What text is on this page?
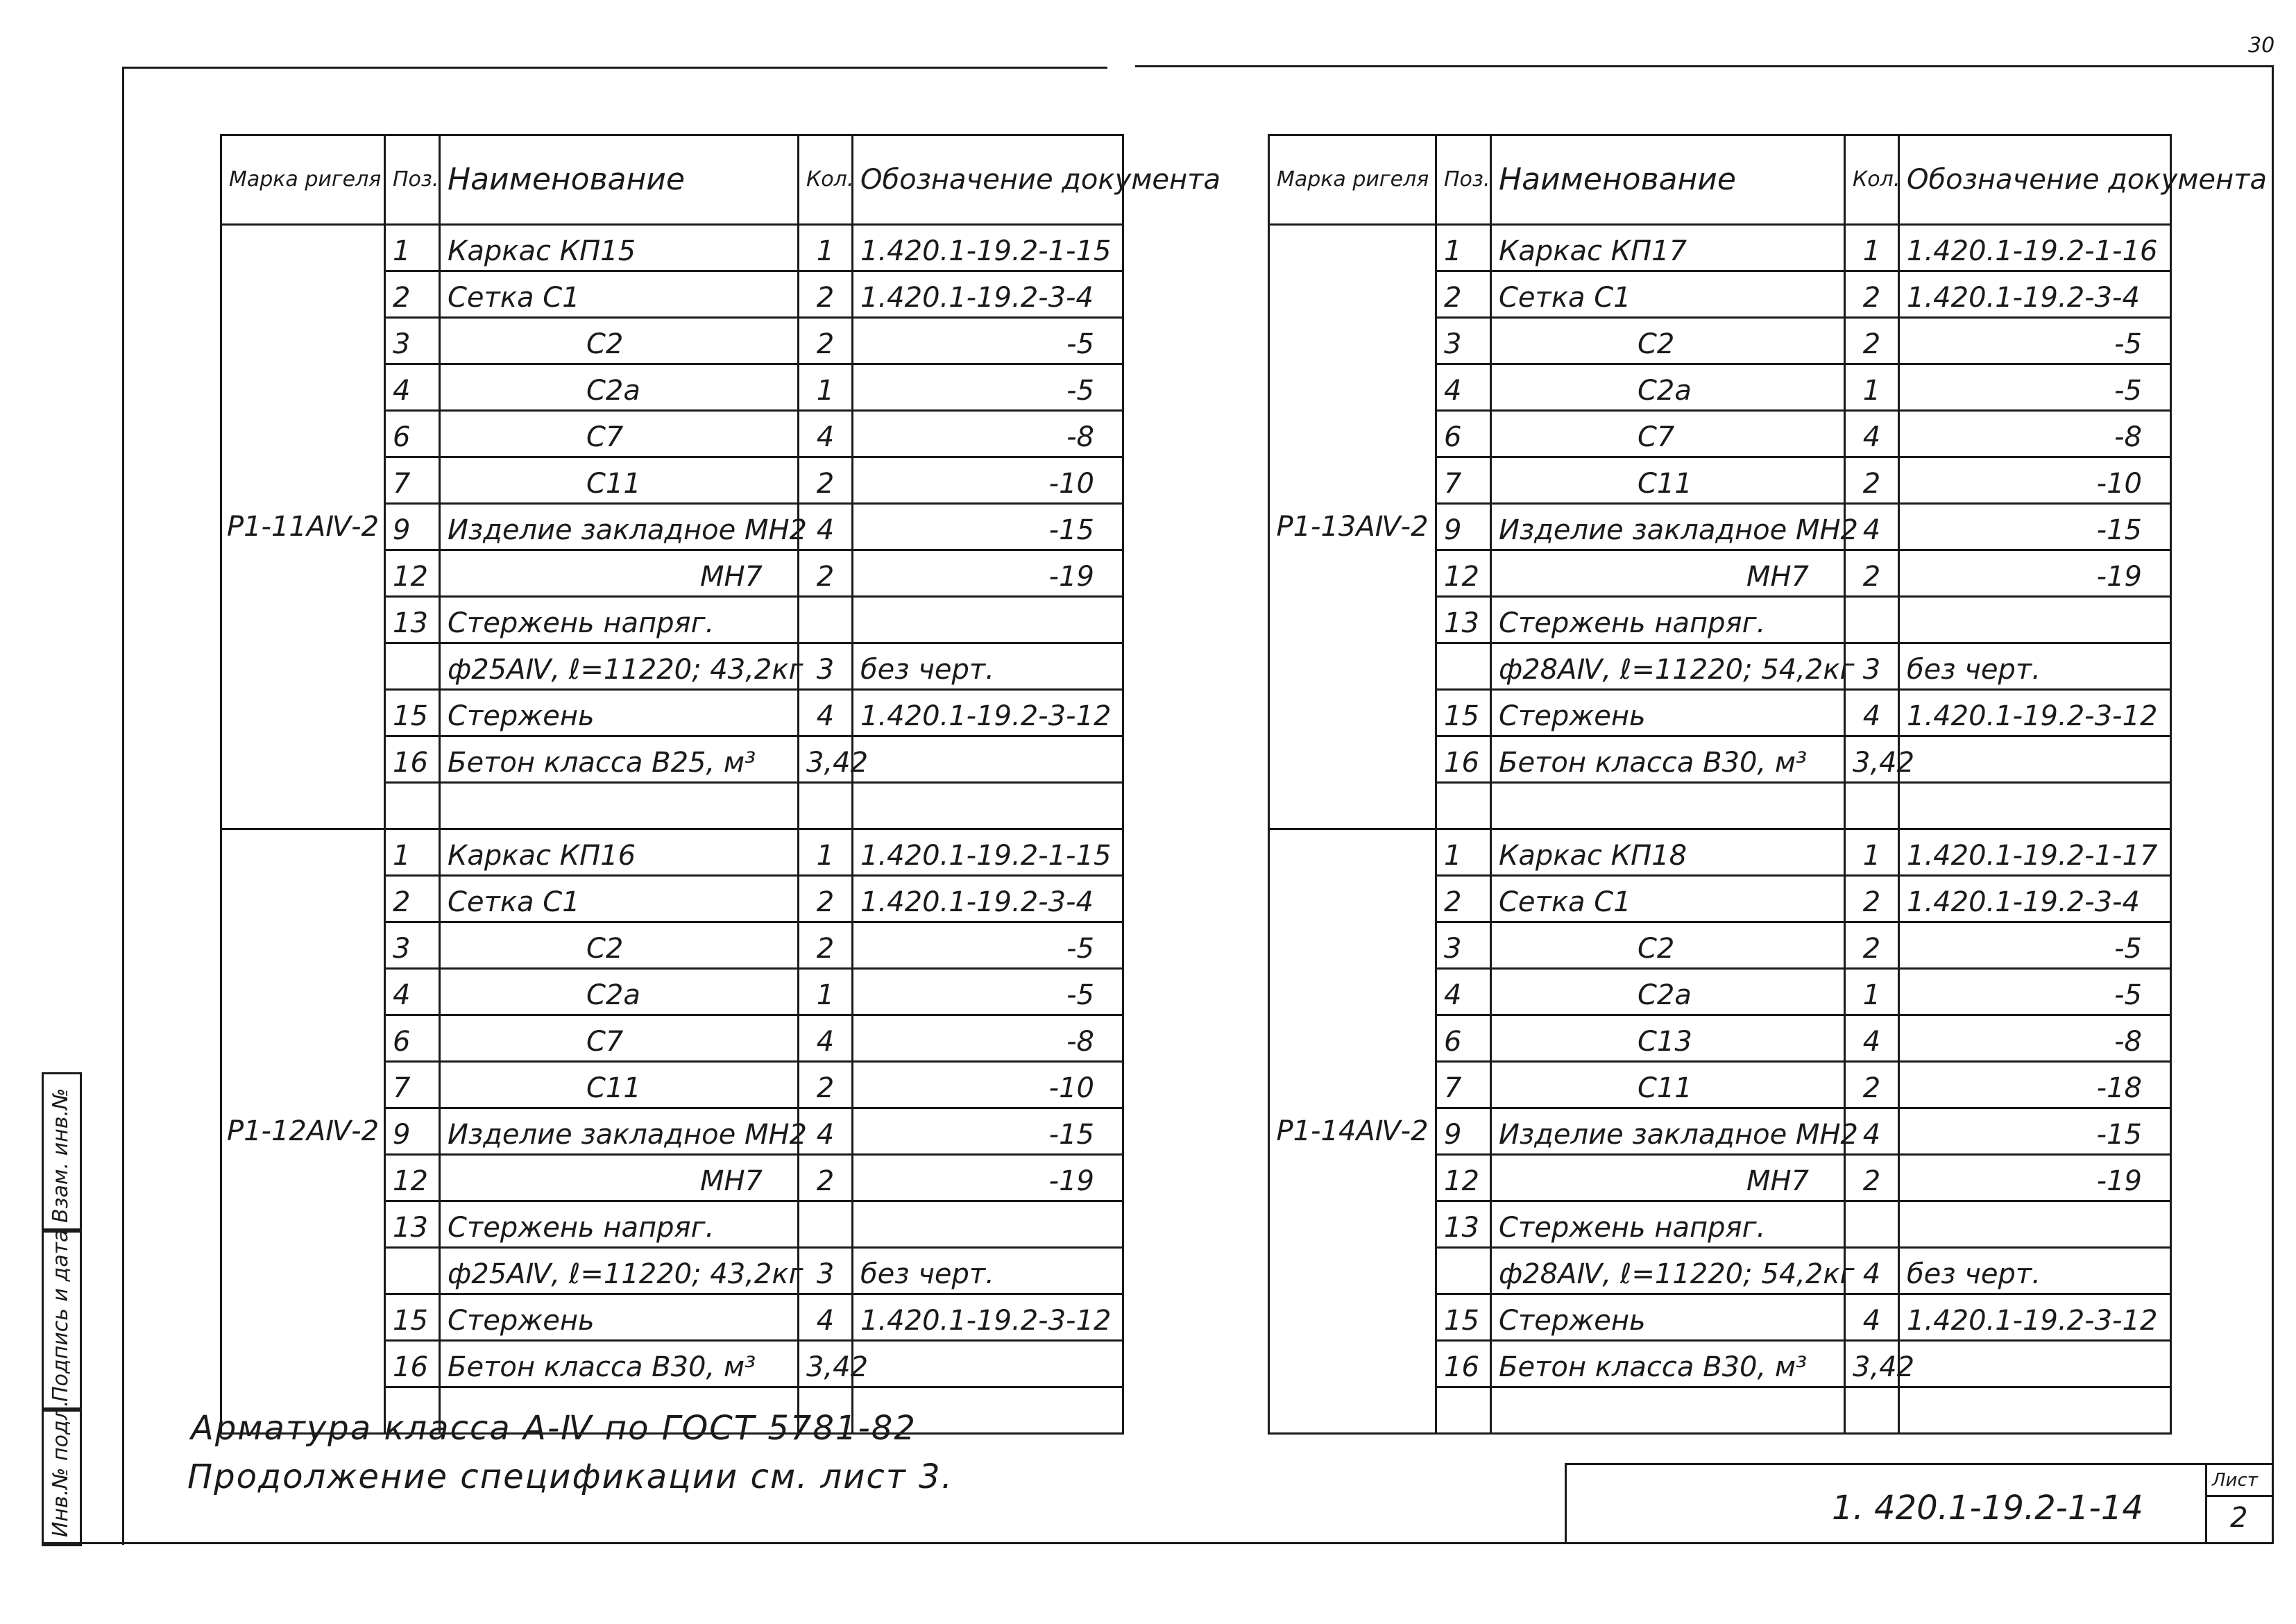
30
Марка ригеля	Поз.	Наименование	Кол.	Обозначение документа
Р1-11АⅣ-2	1	Каркас КП15	1	1.420.1-19.2-1-15
	2	Сетка С1	2	1.420.1-19.2-3-4
	3	С2	2	-5

	4	С2а	1	-5

	6	С7	4	-8

	7	С11	2	-10

	9	Изделие закладное МН2	4	-15

	12	МН7	2	-19

	13	Стержень напряг.		
		ф25АⅣ, ℓ=11220; 43,2кг	3	без черт.
	15	Стержень	4	1.420.1-19.2-3-12
	16	Бетон класса В25, м³	3,42	

Р1-12АⅣ-2	1	Каркас КП16	1	1.420.1-19.2-1-15
	2	Сетка С1	2	1.420.1-19.2-3-4
	3	С2	2	-5

	4	С2а	1	-5

	6	С7	4	-8

	7	С11	2	-10

	9	Изделие закладное МН2	4	-15

	12	МН7	2	-19

	13	Стержень напряг.		
		ф25АⅣ, ℓ=11220; 43,2кг	3	без черт.
	15	Стержень	4	1.420.1-19.2-3-12
	16	Бетон класса В30, м³	3,42	

Марка ригеля	Поз.	Наименование	Кол.	Обозначение документа
Р1-13АⅣ-2	1	Каркас КП17	1	1.420.1-19.2-1-16
	2	Сетка С1	2	1.420.1-19.2-3-4
	3	С2	2	-5

	4	С2а	1	-5

	6	С7	4	-8

	7	С11	2	-10

	9	Изделие закладное МН2	4	-15

	12	МН7	2	-19

	13	Стержень напряг.		
		ф28АⅣ, ℓ=11220; 54,2кг	3	без черт.
	15	Стержень	4	1.420.1-19.2-3-12
	16	Бетон класса В30, м³	3,42	

Р1-14АⅣ-2	1	Каркас КП18	1	1.420.1-19.2-1-17
	2	Сетка С1	2	1.420.1-19.2-3-4
	3	С2	2	-5

	4	С2а	1	-5

	6	С13	4	-8

	7	С11	2	-18

	9	Изделие закладное МН2	4	-15

	12	МН7	2	-19

	13	Стержень напряг.		
		ф28АⅣ, ℓ=11220; 54,2кг	4	без черт.
	15	Стержень	4	1.420.1-19.2-3-12
	16	Бетон класса В30, м³	3,42	

Арматура класса А-Ⅳ по ГОСТ 5781-82
Продолжение спецификации см. лист 3.
1. 420.1-19.2-1-14
Лист
2
Инв.№ подл.
Подпись и дата
Взам. инв.№
